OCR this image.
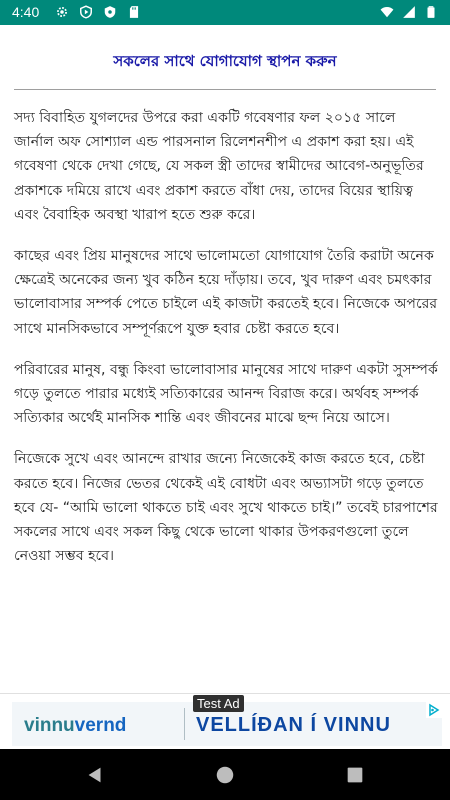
4:40
সকলের সাথে যোগাযোগ স্থাপন করুন

সদ্য বিবাহিত যুগলদের উপরে করা একটি গবেষণার ফল ২০১৫ সালে জার্নাল অফ সোশ্যাল এন্ড পারসনাল রিলেশনশীপ এ প্রকাশ করা হয়। এই গবেষণা থেকে দেখা গেছে, যে সকল স্ত্রী তাদের স্বামীদের আবেগ-অনুভূতির প্রকাশকে দমিয়ে রাখে এবং প্রকাশ করতে বাঁধা দেয়, তাদের বিয়ের স্থায়িত্ব এবং বৈবাহিক অবস্থা খারাপ হতে শুরু করে।

কাছের এবং প্রিয় মানুষদের সাথে ভালোমতো যোগাযোগ তৈরি করাটা অনেক ক্ষেত্রেই অনেকের জন্য খুব কঠিন হয়ে দাঁড়ায়। তবে, খুব দারুণ এবং চমৎকার ভালোবাসার সম্পর্ক পেতে চাইলে এই কাজটা করতেই হবে। নিজেকে অপরের সাথে মানসিকভাবে সম্পূর্ণরূপে যুক্ত হবার চেষ্টা করতে হবে।

পরিবারের মানুষ, বন্ধু কিংবা ভালোবাসার মানুষের সাথে দারুণ একটা সুসম্পর্ক গড়ে তুলতে পারার মধ্যেই সত্যিকারের আনন্দ বিরাজ করে। অর্থবহ সম্পর্ক সত্যিকার অর্থেই মানসিক শান্তি এবং জীবনের মাঝে ছন্দ নিয়ে আসে।

নিজেকে সুখে এবং আনন্দে রাখার জন্যে নিজেকেই কাজ করতে হবে, চেষ্টা করতে হবে। নিজের ভেতর থেকেই এই বোধটা এবং অভ্যাসটা গড়ে তুলতে হবে যে- “আমি ভালো থাকতে চাই এবং সুখে থাকতে চাই।” তবেই চারপাশের সকলের সাথে এবং সকল কিছু থেকে ভালো থাকার উপকরণগুলো তুলে নেওয়া সম্ভব হবে।

vinnuvernd	VELLÍÐAN Í VINNU
Test Ad
